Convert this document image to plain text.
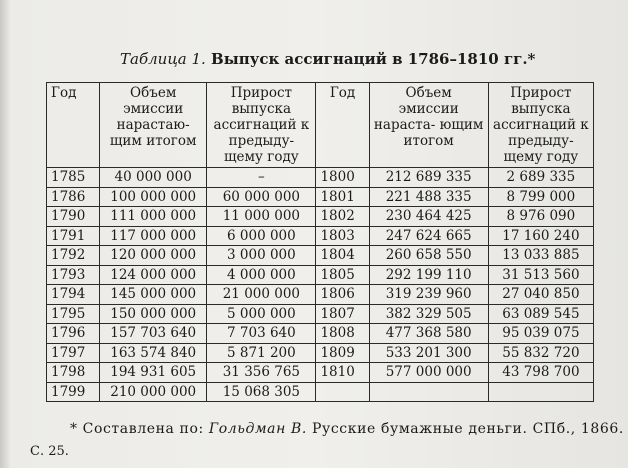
Таблица 1. Выпуск ассигнаций в 1786–1810 гг.*
Год	Объем эмиссии нарастаю- щим итогом	Прирост выпуска ассигнаций к предыду- щему году	Год	Объем эмиссии нараста- ющим итогом	Прирост выпуска ассигнаций к предыду- щему году
1785	40 000 000	–	1800	212 689 335	2 689 335
1786	100 000 000	60 000 000	1801	221 488 335	8 799 000
1790	111 000 000	11 000 000	1802	230 464 425	8 976 090
1791	117 000 000	6 000 000	1803	247 624 665	17 160 240
1792	120 000 000	3 000 000	1804	260 658 550	13 033 885
1793	124 000 000	4 000 000	1805	292 199 110	31 513 560
1794	145 000 000	21 000 000	1806	319 239 960	27 040 850
1795	150 000 000	5 000 000	1807	382 329 505	63 089 545
1796	157 703 640	7 703 640	1808	477 368 580	95 039 075
1797	163 574 840	5 871 200	1809	533 201 300	55 832 720
1798	194 931 605	31 356 765	1810	577 000 000	43 798 700
1799	210 000 000	15 068 305			
* Составлена по: Гольдман В. Русские бумажные деньги. СПб., 1866.
С. 25.
